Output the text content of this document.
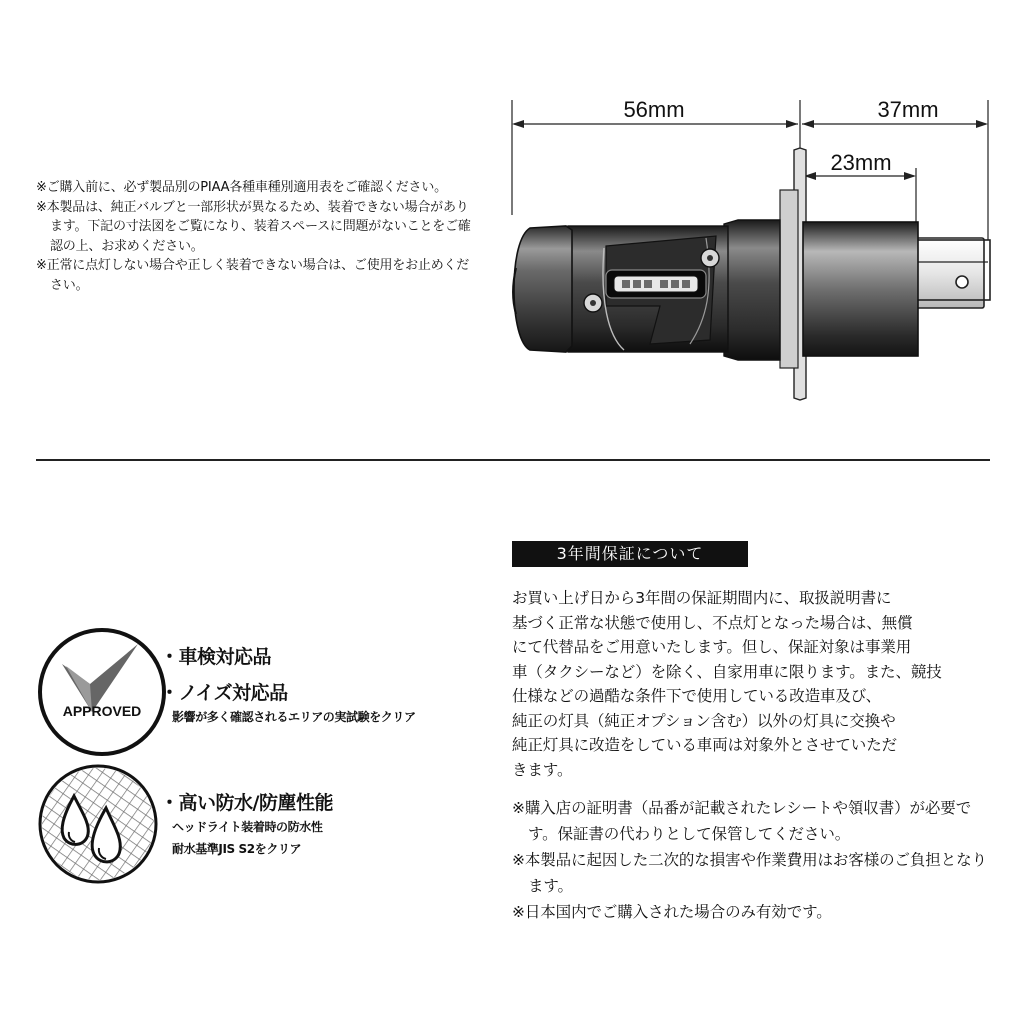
※ご購入前に、必ず製品別のPIAA各種車種別適用表をご確認ください。

※本製品は、純正バルブと一部形状が異なるため、装着できない場合があります。下記の寸法図をご覧になり、装着スペースに問題がないことをご確認の上、お求めください。

※正常に点灯しない場合や正しく装着できない場合は、ご使用をお止めください。

56mm	37mm
23mm
APPROVED
・車検対応品
・ノイズ対応品
影響が多く確認されるエリアの実試験をクリア
・高い防水/防塵性能
ヘッドライト装着時の防水性
耐水基準JIS S2をクリア
3年間保証について

お買い上げ日から3年間の保証期間内に、取扱説明書に

基づく正常な状態で使用し、不点灯となった場合は、無償

にて代替品をご用意いたします。但し、保証対象は事業用

車（タクシーなど）を除く、自家用車に限ります。また、競技

仕様などの過酷な条件下で使用している改造車及び、

純正の灯具（純正オプション含む）以外の灯具に交換や

純正灯具に改造をしている車両は対象外とさせていただ

きます。

※購入店の証明書（品番が記載されたレシートや領収書）が必要です。保証書の代わりとして保管してください。

※本製品に起因した二次的な損害や作業費用はお客様のご負担となります。

※日本国内でご購入された場合のみ有効です。
